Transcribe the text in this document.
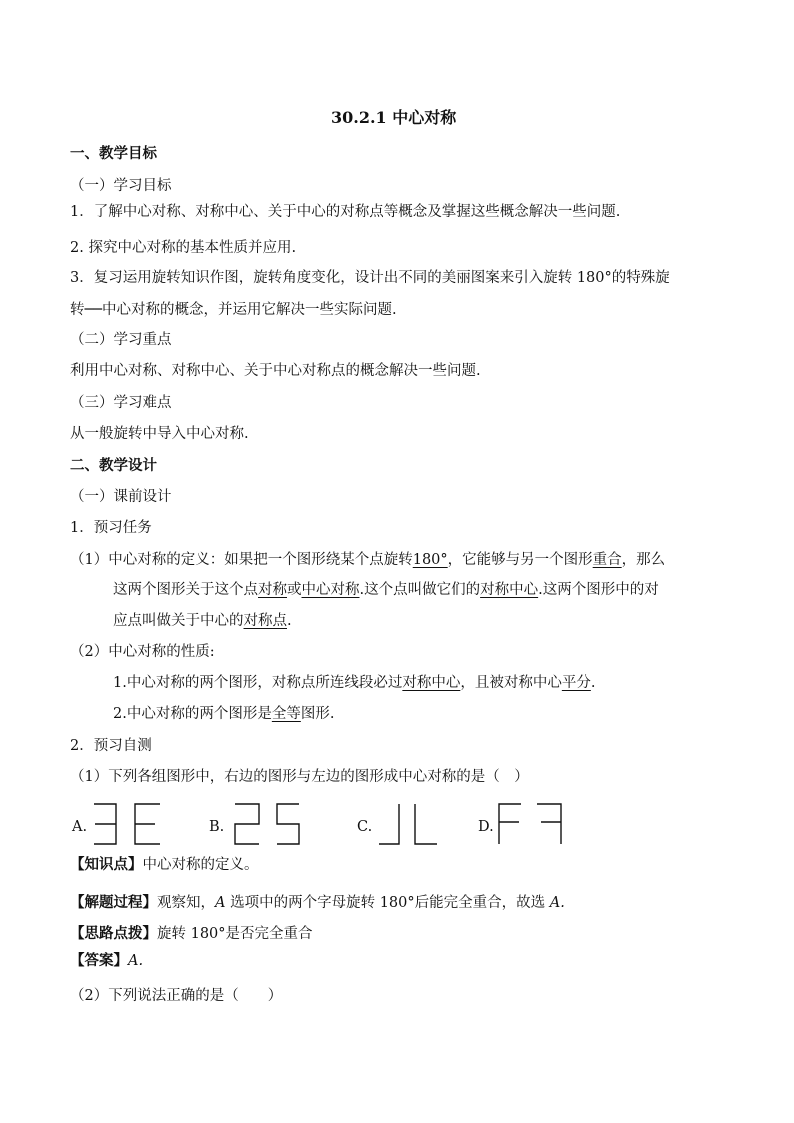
30.2.1 中心对称
一、教学目标
（一）学习目标
1．了解中心对称、对称中心、关于中心的对称点等概念及掌握这些概念解决一些问题.
2. 探究中心对称的基本性质并应用.
3．复习运用旋转知识作图，旋转角度变化，设计出不同的美丽图案来引入旋转 180°的特殊旋
转──中心对称的概念，并运用它解决一些实际问题.
（二）学习重点
利用中心对称、对称中心、关于中心对称点的概念解决一些问题.
（三）学习难点
从一般旋转中导入中心对称.
二、教学设计
（一）课前设计
1．预习任务
（1）中心对称的定义：如果把一个图形绕某个点旋转180°，它能够与另一个图形重合，那么
这两个图形关于这个点对称或中心对称.这个点叫做它们的对称中心.这两个图形中的对
应点叫做关于中心的对称点.
（2）中心对称的性质:
1.中心对称的两个图形，对称点所连线段必过对称中心，且被对称中心平分.
2.中心对称的两个图形是全等图形.
2．预习自测
（1）下列各组图形中，右边的图形与左边的图形成中心对称的是（　）
A.	B.	C.	D.
【知识点】中心对称的定义。
【解题过程】观察知，A 选项中的两个字母旋转 180°后能完全重合，故选 A.
【思路点拨】旋转 180°是否完全重合
【答案】A.
（2）下列说法正确的是（　　）
